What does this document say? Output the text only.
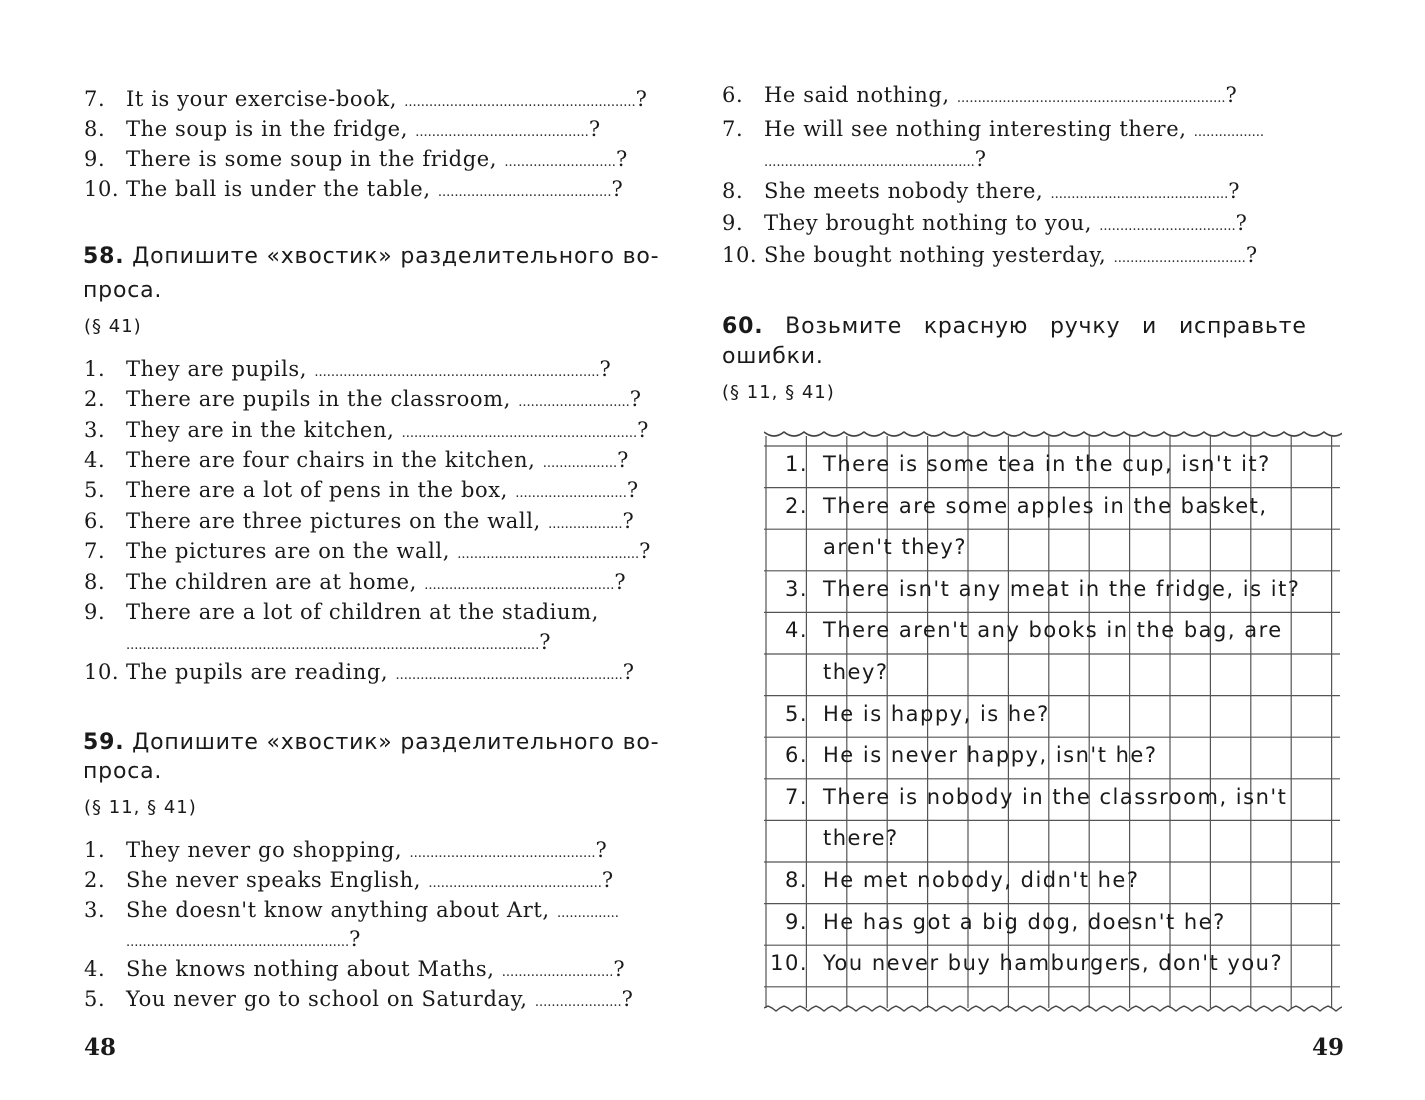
7. It is your exercise-book, ........................................................?
8. The soup is in the fridge, ..........................................?
9. There is some soup in the fridge, ...........................?
10. The ball is under the table, ..........................................?
58. Допишите «хвостик» разделительного во-
проса.
(§ 41)
1. They are pupils, .....................................................................?
2. There are pupils in the classroom, ...........................?
3. They are in the kitchen, .........................................................?
4. There are four chairs in the kitchen, ..................?
5. There are a lot of pens in the box, ...........................?
6. There are three pictures on the wall, ..................?
7. The pictures are on the wall, ............................................?
8. The children are at home, ..............................................?
9. There are a lot of children at the stadium,
....................................................................................................?
10. The pupils are reading, .......................................................?
59. Допишите «хвостик» разделительного во-
проса.
(§ 11, § 41)
1. They never go shopping, .............................................?
2. She never speaks English, ..........................................?
3. She doesn't know anything about Art, ...............
......................................................?
4. She knows nothing about Maths, ...........................?
5. You never go to school on Saturday, .....................?
48
6. He said nothing, .................................................................?
7. He will see nothing interesting there, .................
...................................................?
8. She meets nobody there, ...........................................?
9. They brought nothing to you, .................................?
10. She bought nothing yesterday, ................................?
60. Возьмите красную ручку и исправьте
ошибки.
(§ 11, § 41)
49
1. There is some tea in the cup, isn't it?
2. There are some apples in the basket,
aren't they?
3. There isn't any meat in the fridge, is it?
4. There aren't any books in the bag, are
they?
5. He is happy, is he?
6. He is never happy, isn't he?
7. There is nobody in the classroom, isn't
there?
8. He met nobody, didn't he?
9. He has got a big dog, doesn't he?
10. You never buy hamburgers, don't you?
